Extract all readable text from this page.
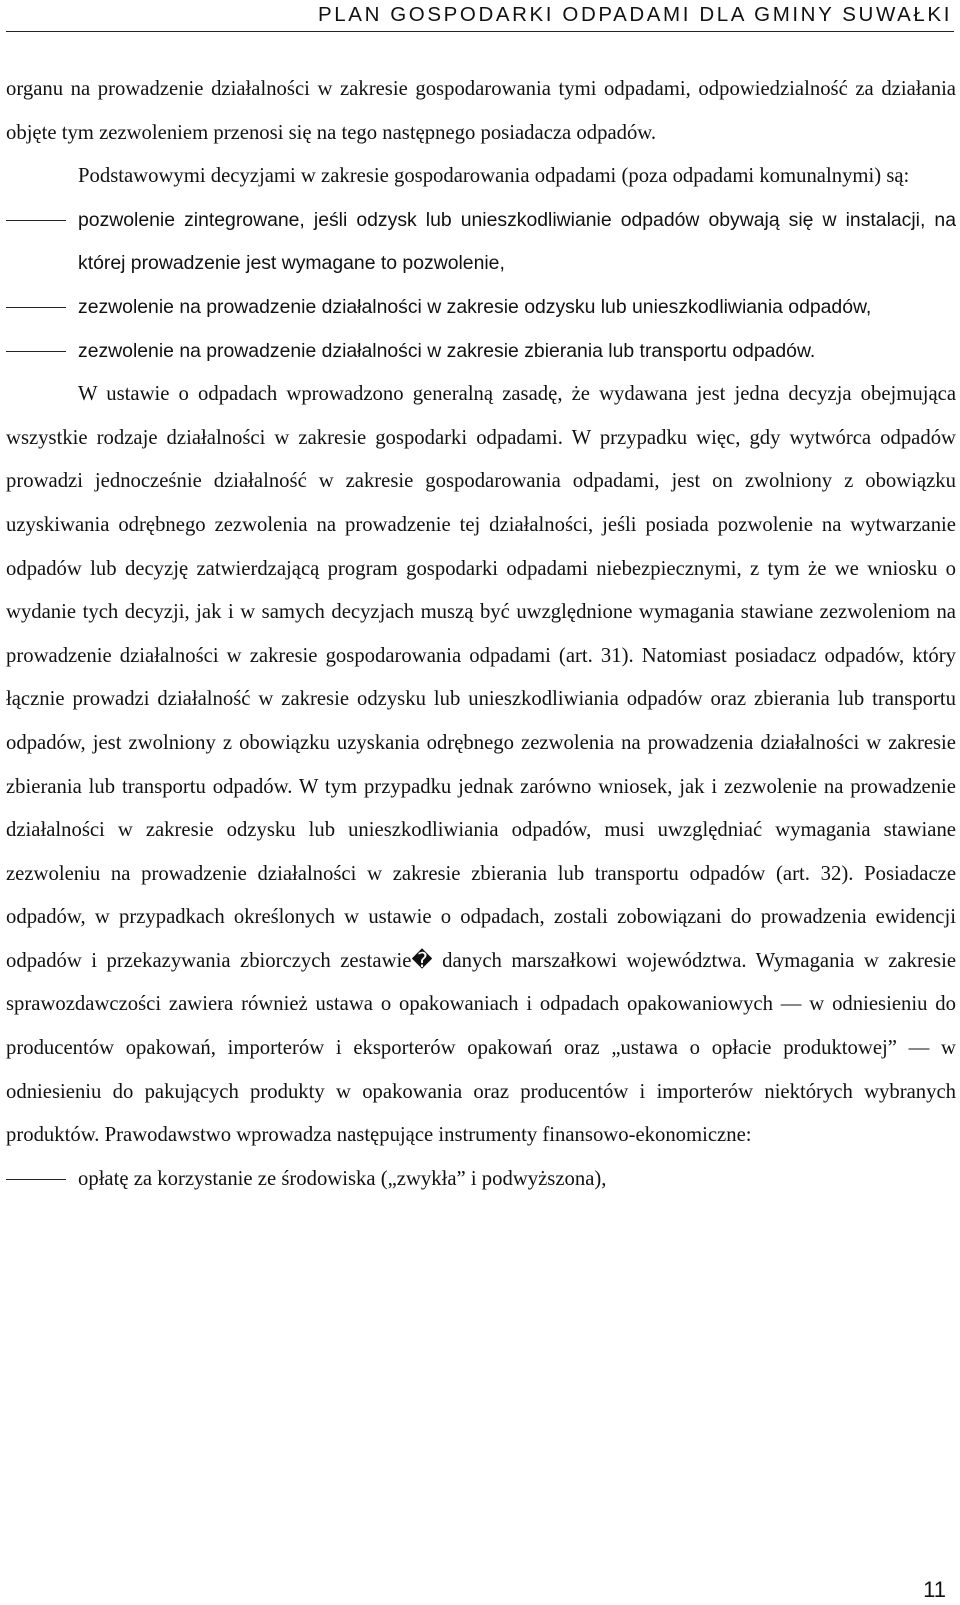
PLAN GOSPODARKI ODPADAMI DLA GMINY SUWAŁKI
organu na prowadzenie działalności w zakresie gospodarowania tymi odpadami, odpowiedzialność za działania objęte tym zezwoleniem przenosi się na tego następnego posiadacza odpadów.
Podstawowymi decyzjami w zakresie gospodarowania odpadami (poza odpadami komunalnymi) są:
pozwolenie zintegrowane, jeśli odzysk lub unieszkodliwianie odpadów obywają się w instalacji, na której prowadzenie jest wymagane to pozwolenie,
zezwolenie na prowadzenie działalności w zakresie odzysku lub unieszkodliwiania odpadów,
zezwolenie na prowadzenie działalności w zakresie zbierania lub transportu odpadów.
W ustawie o odpadach wprowadzono generalną zasadę, że wydawana jest jedna decyzja obejmująca wszystkie rodzaje działalności w zakresie gospodarki odpadami. W przypadku więc, gdy wytwórca odpadów prowadzi jednocześnie działalność w zakresie gospodarowania odpadami, jest on zwolniony z obowiązku uzyskiwania odrębnego zezwolenia na prowadzenie tej działalności, jeśli posiada pozwolenie na wytwarzanie odpadów lub decyzję zatwierdzającą program gospodarki odpadami niebezpiecznymi, z tym że we wniosku o wydanie tych decyzji, jak i w samych decyzjach muszą być uwzględnione wymagania stawiane zezwoleniom na prowadzenie działalności w zakresie gospodarowania odpadami (art. 31). Natomiast posiadacz odpadów, który łącznie prowadzi działalność w zakresie odzysku lub unieszkodliwiania odpadów oraz zbierania lub transportu odpadów, jest zwolniony z obowiązku uzyskania odrębnego zezwolenia na prowadzenia działalności w zakresie zbierania lub transportu odpadów. W tym przypadku jednak zarówno wniosek, jak i zezwolenie na prowadzenie działalności w zakresie odzysku lub unieszkodliwiania odpadów, musi uwzględniać wymagania stawiane zezwoleniu na prowadzenie działalności w zakresie zbierania lub transportu odpadów (art. 32). Posiadacze odpadów, w przypadkach określonych w ustawie o odpadach, zostali zobowiązani do prowadzenia ewidencji odpadów i przekazywania zbiorczych zestawie� danych marszałkowi województwa. Wymagania w zakresie sprawozdawczości zawiera również ustawa o opakowaniach i odpadach opakowaniowych — w odniesieniu do producentów opakowań, importerów i eksporterów opakowań oraz „ustawa o opłacie produktowej” — w odniesieniu do pakujących produkty w opakowania oraz producentów i importerów niektórych wybranych produktów. Prawodawstwo wprowadza następujące instrumenty finansowo-ekonomiczne:
opłatę za korzystanie ze środowiska („zwykła” i podwyższona),
11
